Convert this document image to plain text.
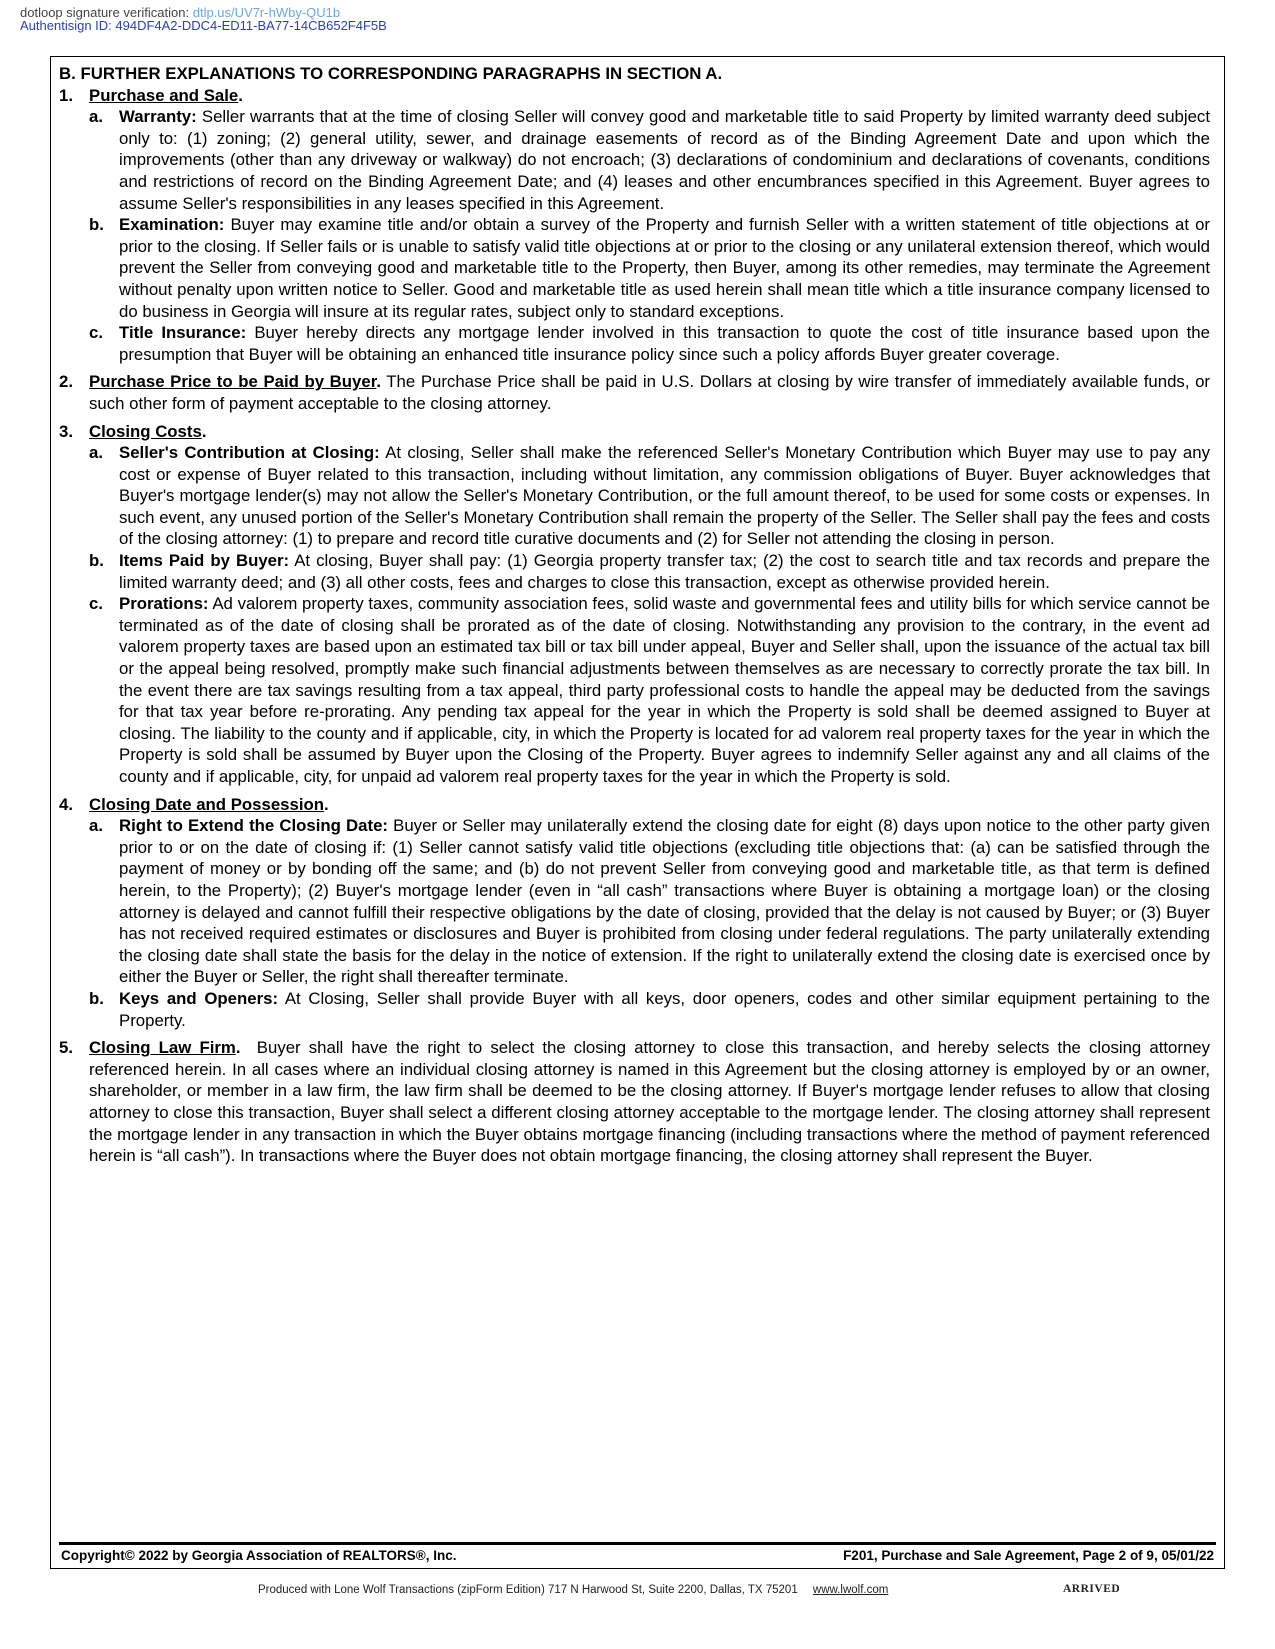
dotloop signature verification: dtlp.us/UV7r-hWby-QU1b
Authentisign ID: 494DF4A2-DDC4-ED11-BA77-14CB652F4F5B

B. FURTHER EXPLANATIONS TO CORRESPONDING PARAGRAPHS IN SECTION A.

1. Purchase and Sale.

a. Warranty: Seller warrants that at the time of closing Seller will convey good and marketable title to said Property by limited warranty deed subject only to: (1) zoning; (2) general utility, sewer, and drainage easements of record as of the Binding Agreement Date and upon which the improvements (other than any driveway or walkway) do not encroach; (3) declarations of condominium and declarations of covenants, conditions and restrictions of record on the Binding Agreement Date; and (4) leases and other encumbrances specified in this Agreement. Buyer agrees to assume Seller's responsibilities in any leases specified in this Agreement.

b. Examination: Buyer may examine title and/or obtain a survey of the Property and furnish Seller with a written statement of title objections at or prior to the closing. If Seller fails or is unable to satisfy valid title objections at or prior to the closing or any unilateral extension thereof, which would prevent the Seller from conveying good and marketable title to the Property, then Buyer, among its other remedies, may terminate the Agreement without penalty upon written notice to Seller. Good and marketable title as used herein shall mean title which a title insurance company licensed to do business in Georgia will insure at its regular rates, subject only to standard exceptions.

c. Title Insurance: Buyer hereby directs any mortgage lender involved in this transaction to quote the cost of title insurance based upon the presumption that Buyer will be obtaining an enhanced title insurance policy since such a policy affords Buyer greater coverage.

2. Purchase Price to be Paid by Buyer. The Purchase Price shall be paid in U.S. Dollars at closing by wire transfer of immediately available funds, or such other form of payment acceptable to the closing attorney.

3. Closing Costs.

a. Seller's Contribution at Closing: At closing, Seller shall make the referenced Seller's Monetary Contribution which Buyer may use to pay any cost or expense of Buyer related to this transaction, including without limitation, any commission obligations of Buyer. Buyer acknowledges that Buyer's mortgage lender(s) may not allow the Seller's Monetary Contribution, or the full amount thereof, to be used for some costs or expenses. In such event, any unused portion of the Seller's Monetary Contribution shall remain the property of the Seller. The Seller shall pay the fees and costs of the closing attorney: (1) to prepare and record title curative documents and (2) for Seller not attending the closing in person.

b. Items Paid by Buyer: At closing, Buyer shall pay: (1) Georgia property transfer tax; (2) the cost to search title and tax records and prepare the limited warranty deed; and (3) all other costs, fees and charges to close this transaction, except as otherwise provided herein.

c. Prorations: Ad valorem property taxes, community association fees, solid waste and governmental fees and utility bills for which service cannot be terminated as of the date of closing shall be prorated as of the date of closing. Notwithstanding any provision to the contrary, in the event ad valorem property taxes are based upon an estimated tax bill or tax bill under appeal, Buyer and Seller shall, upon the issuance of the actual tax bill or the appeal being resolved, promptly make such financial adjustments between themselves as are necessary to correctly prorate the tax bill. In the event there are tax savings resulting from a tax appeal, third party professional costs to handle the appeal may be deducted from the savings for that tax year before re-prorating. Any pending tax appeal for the year in which the Property is sold shall be deemed assigned to Buyer at closing. The liability to the county and if applicable, city, in which the Property is located for ad valorem real property taxes for the year in which the Property is sold shall be assumed by Buyer upon the Closing of the Property. Buyer agrees to indemnify Seller against any and all claims of the county and if applicable, city, for unpaid ad valorem real property taxes for the year in which the Property is sold.

4. Closing Date and Possession.

a. Right to Extend the Closing Date: Buyer or Seller may unilaterally extend the closing date for eight (8) days upon notice to the other party given prior to or on the date of closing if: (1) Seller cannot satisfy valid title objections (excluding title objections that: (a) can be satisfied through the payment of money or by bonding off the same; and (b) do not prevent Seller from conveying good and marketable title, as that term is defined herein, to the Property); (2) Buyer's mortgage lender (even in “all cash” transactions where Buyer is obtaining a mortgage loan) or the closing attorney is delayed and cannot fulfill their respective obligations by the date of closing, provided that the delay is not caused by Buyer; or (3) Buyer has not received required estimates or disclosures and Buyer is prohibited from closing under federal regulations. The party unilaterally extending the closing date shall state the basis for the delay in the notice of extension. If the right to unilaterally extend the closing date is exercised once by either the Buyer or Seller, the right shall thereafter terminate.

b. Keys and Openers: At Closing, Seller shall provide Buyer with all keys, door openers, codes and other similar equipment pertaining to the Property.

5. Closing Law Firm. Buyer shall have the right to select the closing attorney to close this transaction, and hereby selects the closing attorney referenced herein. In all cases where an individual closing attorney is named in this Agreement but the closing attorney is employed by or an owner, shareholder, or member in a law firm, the law firm shall be deemed to be the closing attorney. If Buyer's mortgage lender refuses to allow that closing attorney to close this transaction, Buyer shall select a different closing attorney acceptable to the mortgage lender. The closing attorney shall represent the mortgage lender in any transaction in which the Buyer obtains mortgage financing (including transactions where the method of payment referenced herein is “all cash”). In transactions where the Buyer does not obtain mortgage financing, the closing attorney shall represent the Buyer.

Copyright© 2022 by Georgia Association of REALTORS®, Inc.	F201, Purchase and Sale Agreement, Page 2 of 9, 05/01/22
Produced with Lone Wolf Transactions (zipForm Edition) 717 N Harwood St, Suite 2200, Dallas, TX 75201 www.lwolf.com	ARRIVED
